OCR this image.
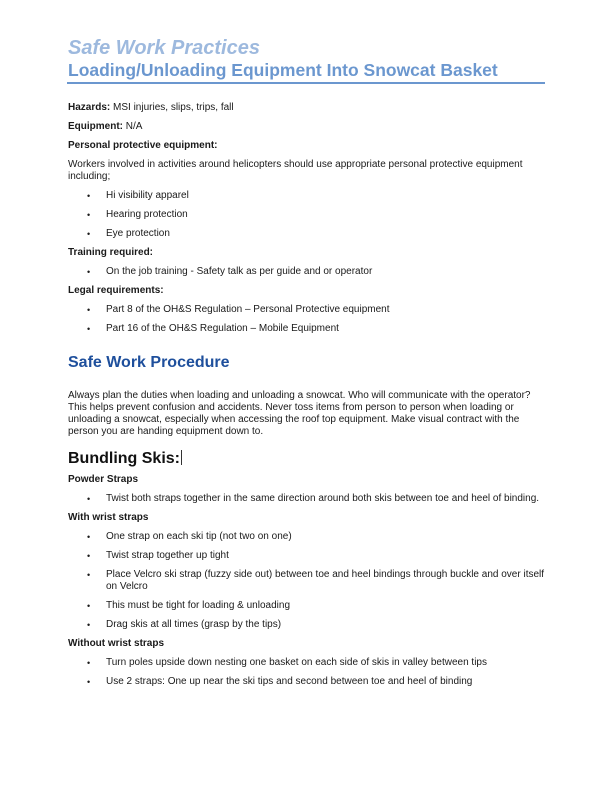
Safe Work Practices
Loading/Unloading Equipment Into Snowcat Basket

Hazards: MSI injuries, slips, trips, fall

Equipment: N/A

Personal protective equipment:

Workers involved in activities around helicopters should use appropriate personal protective equipment including;

• Hi visibility apparel
• Hearing protection
• Eye protection

Training required:

• On the job training - Safety talk as per guide and or operator

Legal requirements:

• Part 8 of the OH&S Regulation – Personal Protective equipment
• Part 16 of the OH&S Regulation – Mobile Equipment
Safe Work Procedure

Always plan the duties when loading and unloading a snowcat. Who will communicate with the operator? This helps prevent confusion and accidents. Never toss items from person to person when loading or unloading a snowcat, especially when accessing the roof top equipment. Make visual contract with the person you are handing equipment down to.

Bundling Skis:

Powder Straps

• Twist both straps together in the same direction around both skis between toe and heel of binding.

With wrist straps

• One strap on each ski tip (not two on one)
• Twist strap together up tight
• Place Velcro ski strap (fuzzy side out) between toe and heel bindings through buckle and over itself on Velcro
• This must be tight for loading & unloading
• Drag skis at all times (grasp by the tips)

Without wrist straps

• Turn poles upside down nesting one basket on each side of skis in valley between tips
• Use 2 straps: One up near the ski tips and second between toe and heel of binding
